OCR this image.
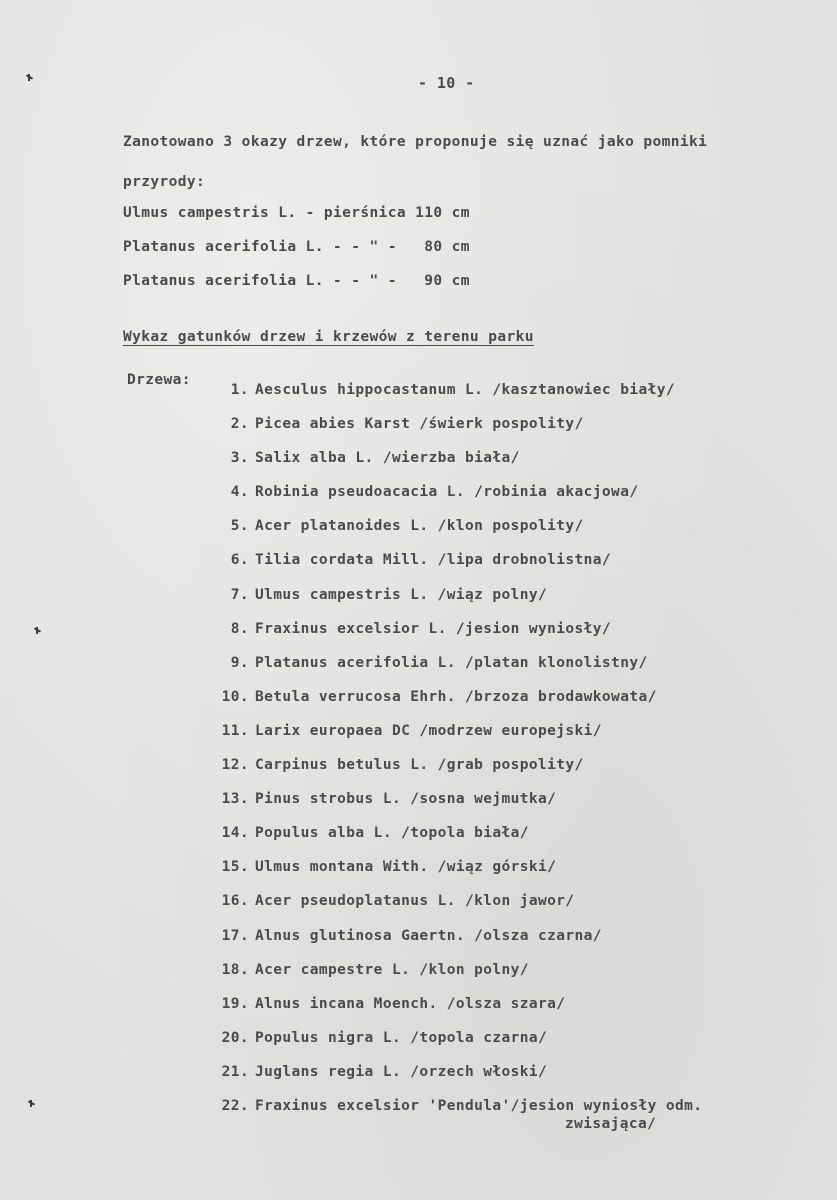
- 10 -
Zanotowano 3 okazy drzew, które proponuje się uznać jako pomniki
przyrody:
Ulmus campestris L. - pierśnica 110 cm
Platanus acerifolia L. - - " -   80 cm
Platanus acerifolia L. - - " -   90 cm
Wykaz gatunków drzew i krzewów z terenu parku
Drzewa:
1. Aesculus hippocastanum L. /kasztanowiec biały/
2. Picea abies Karst /świerk pospolity/
3. Salix alba L. /wierzba biała/
4. Robinia pseudoacacia L. /robinia akacjowa/
5. Acer platanoides L. /klon pospolity/
6. Tilia cordata Mill. /lipa drobnolistna/
7. Ulmus campestris L. /wiąz polny/
8. Fraxinus excelsior L. /jesion wyniosły/
9. Platanus acerifolia L. /platan klonolistny/
10. Betula verrucosa Ehrh. /brzoza brodawkowata/
11. Larix europaea DC /modrzew europejski/
12. Carpinus betulus L. /grab pospolity/
13. Pinus strobus L. /sosna wejmutka/
14. Populus alba L. /topola biała/
15. Ulmus montana With. /wiąz górski/
16. Acer pseudoplatanus L. /klon jawor/
17. Alnus glutinosa Gaertn. /olsza czarna/
18. Acer campestre L. /klon polny/
19. Alnus incana Moench. /olsza szara/
20. Populus nigra L. /topola czarna/
21. Juglans regia L. /orzech włoski/
22. Fraxinus excelsior 'Pendula'/jesion wyniosły odm.
zwisająca/
